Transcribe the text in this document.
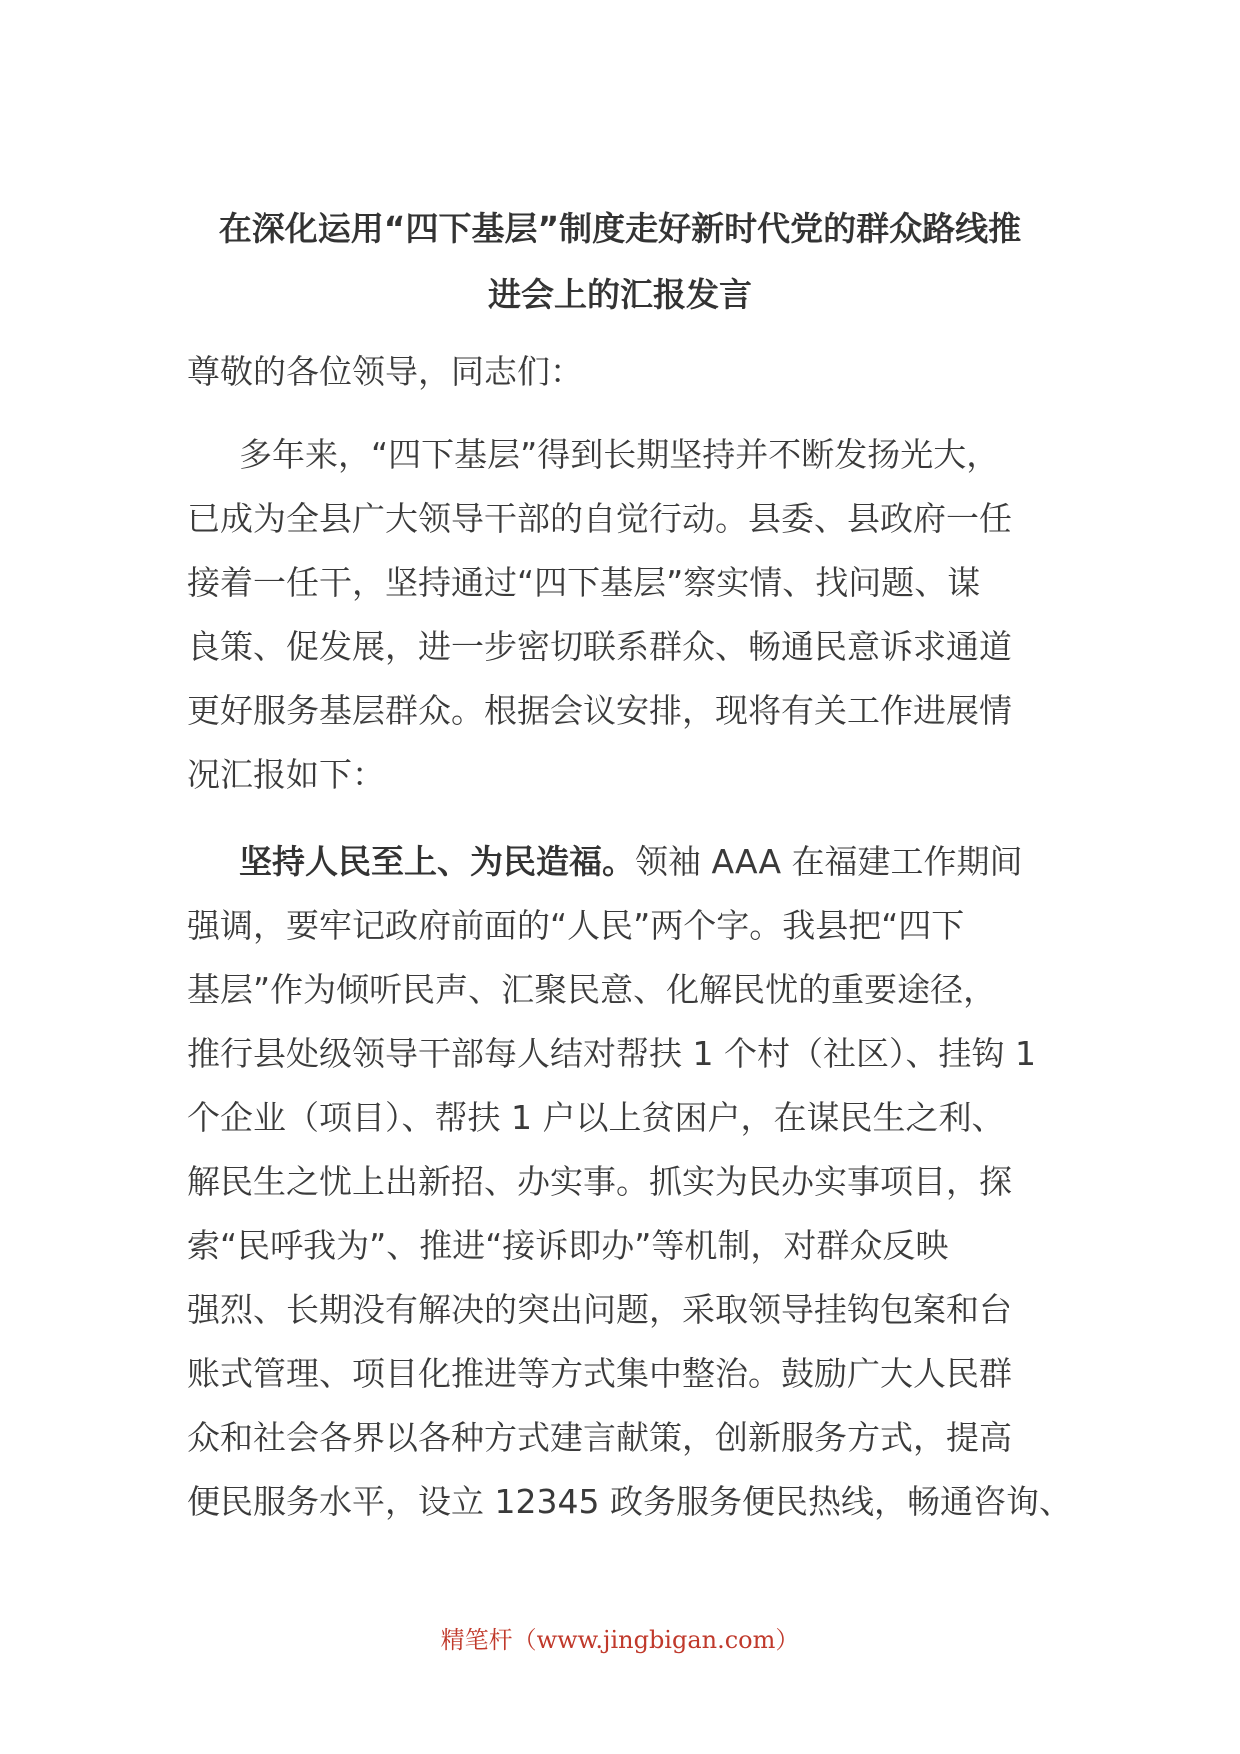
在深化运用“四下基层”制度走好新时代党的群众路线推
进会上的汇报发言

尊敬的各位领导，同志们：

多年来，“四下基层”得到长期坚持并不断发扬光大，
已成为全县广大领导干部的自觉行动。县委、县政府一任
接着一任干，坚持通过“四下基层”察实情、找问题、谋
良策、促发展，进一步密切联系群众、畅通民意诉求通道
更好服务基层群众。根据会议安排，现将有关工作进展情
况汇报如下：
坚持人民至上、为民造福。领袖 AAA 在福建工作期间
强调，要牢记政府前面的“人民”两个字。我县把“四下
基层”作为倾听民声、汇聚民意、化解民忧的重要途径，
推行县处级领导干部每人结对帮扶 1 个村（社区）、挂钩 1
个企业（项目）、帮扶 1 户以上贫困户，在谋民生之利、
解民生之忧上出新招、办实事。抓实为民办实事项目，探
索“民呼我为”、推进“接诉即办”等机制，对群众反映
强烈、长期没有解决的突出问题，采取领导挂钩包案和台
账式管理、项目化推进等方式集中整治。鼓励广大人民群
众和社会各界以各种方式建言献策，创新服务方式，提高
便民服务水平，设立 12345 政务服务便民热线，畅通咨询、
精笔杆（www.jingbigan.com）
